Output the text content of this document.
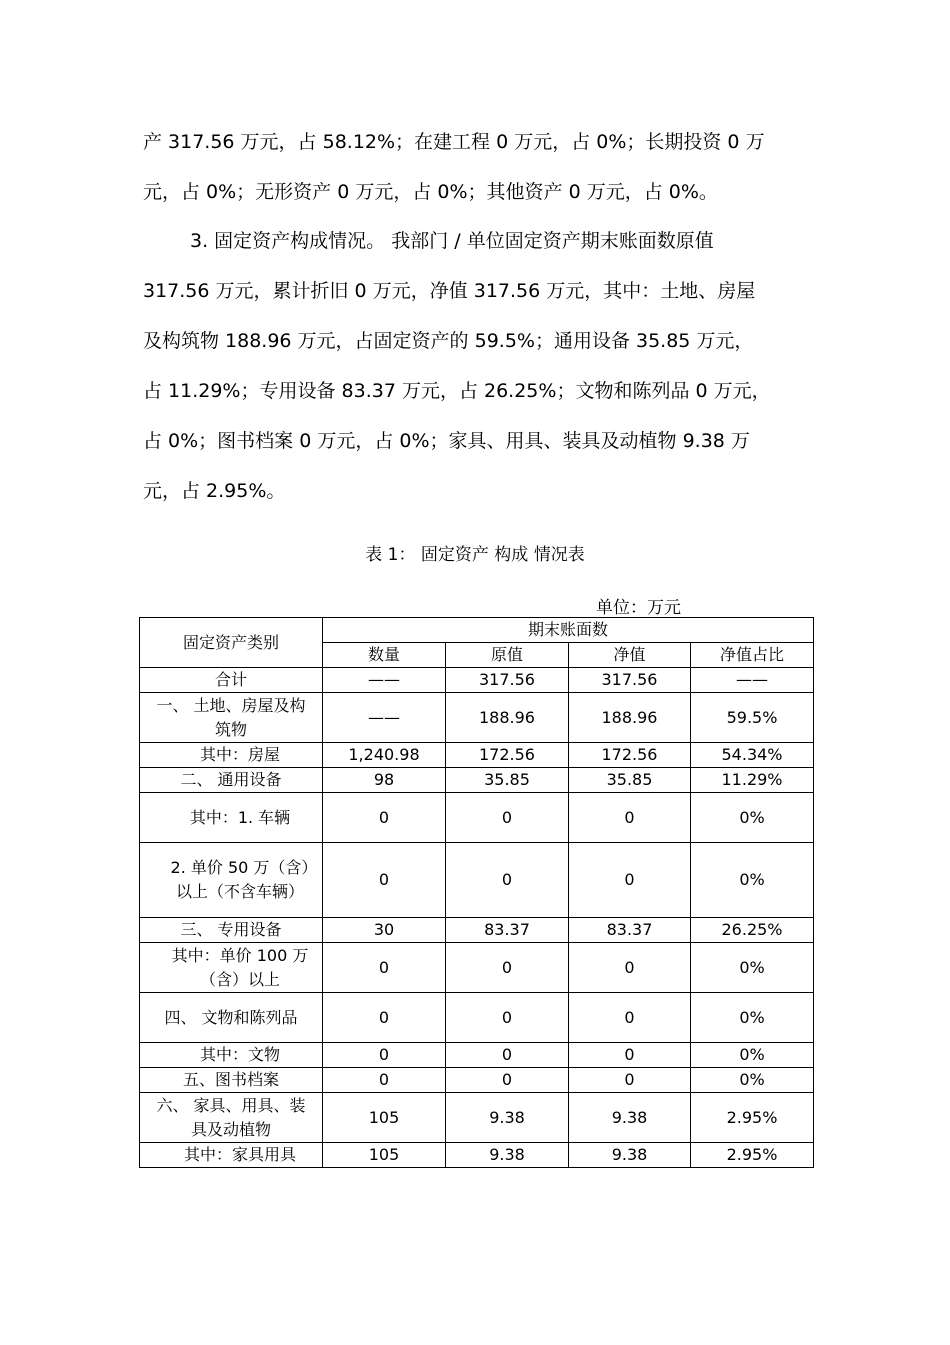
产 317.56 万元，占 58.12%；在建工程 0 万元，占 0%；长期投资 0 万
元，占 0%；无形资产 0 万元，占 0%；其他资产 0 万元，占 0%。
3. 固定资产构成情况。 我部门 / 单位固定资产期末账面数原值
317.56 万元，累计折旧 0 万元，净值 317.56 万元，其中：土地、房屋
及构筑物 188.96 万元，占固定资产的 59.5%；通用设备 35.85 万元，
占 11.29%；专用设备 83.37 万元，占 26.25%；文物和陈列品 0 万元，
占 0%；图书档案 0 万元，占 0%；家具、用具、装具及动植物 9.38 万
元，占 2.95%。
表 1： 固定资产 构成 情况表
单位：万元
固定资产类别	期末账面数			
	数量	原值	净值	净值占比
合计	——	317.56	317.56	——
一、 土地、房屋及构筑物	——	188.96	188.96	59.5%
其中：房屋	1,240.98	172.56	172.56	54.34%
二、 通用设备	98	35.85	35.85	11.29%
其中：1. 车辆	0	0	0	0%
2. 单价 50 万（含）以上（不含车辆）	0	0	0	0%
三、 专用设备	30	83.37	83.37	26.25%
其中：单价 100 万（含）以上	0	0	0	0%
四、 文物和陈列品	0	0	0	0%
其中：文物	0	0	0	0%
五、图书档案	0	0	0	0%
六、 家具、用具、装具及动植物	105	9.38	9.38	2.95%
其中：家具用具	105	9.38	9.38	2.95%
